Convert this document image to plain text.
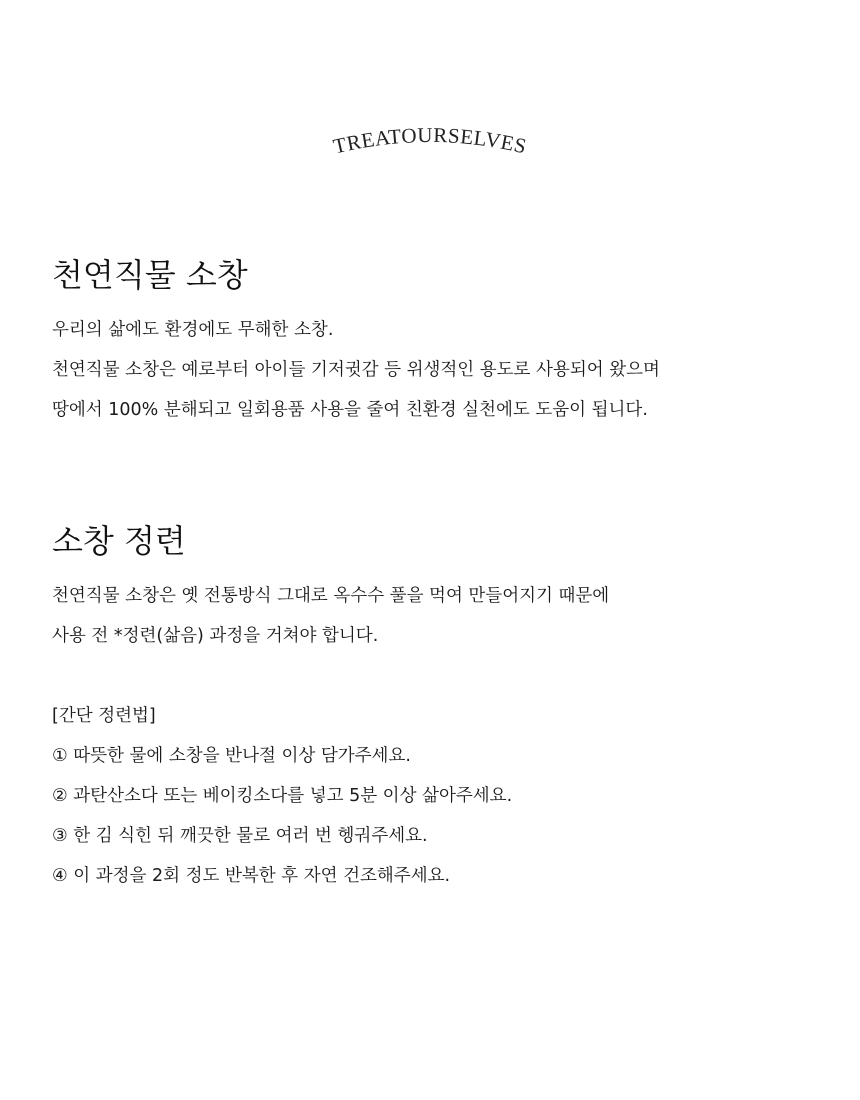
TREATOURSELVES
천연직물 소창

우리의 삶에도 환경에도 무해한 소창.

천연직물 소창은 예로부터 아이들 기저귓감 등 위생적인 용도로 사용되어 왔으며

땅에서 100% 분해되고 일회용품 사용을 줄여 친환경 실천에도 도움이 됩니다.

소창 정련

천연직물 소창은 옛 전통방식 그대로 옥수수 풀을 먹여 만들어지기 때문에

사용 전 *정련(삶음) 과정을 거쳐야 합니다.

[간단 정련법]

① 따뜻한 물에 소창을 반나절 이상 담가주세요.

② 과탄산소다 또는 베이킹소다를 넣고 5분 이상 삶아주세요.

③ 한 김 식힌 뒤 깨끗한 물로 여러 번 헹궈주세요.

④ 이 과정을 2회 정도 반복한 후 자연 건조해주세요.
